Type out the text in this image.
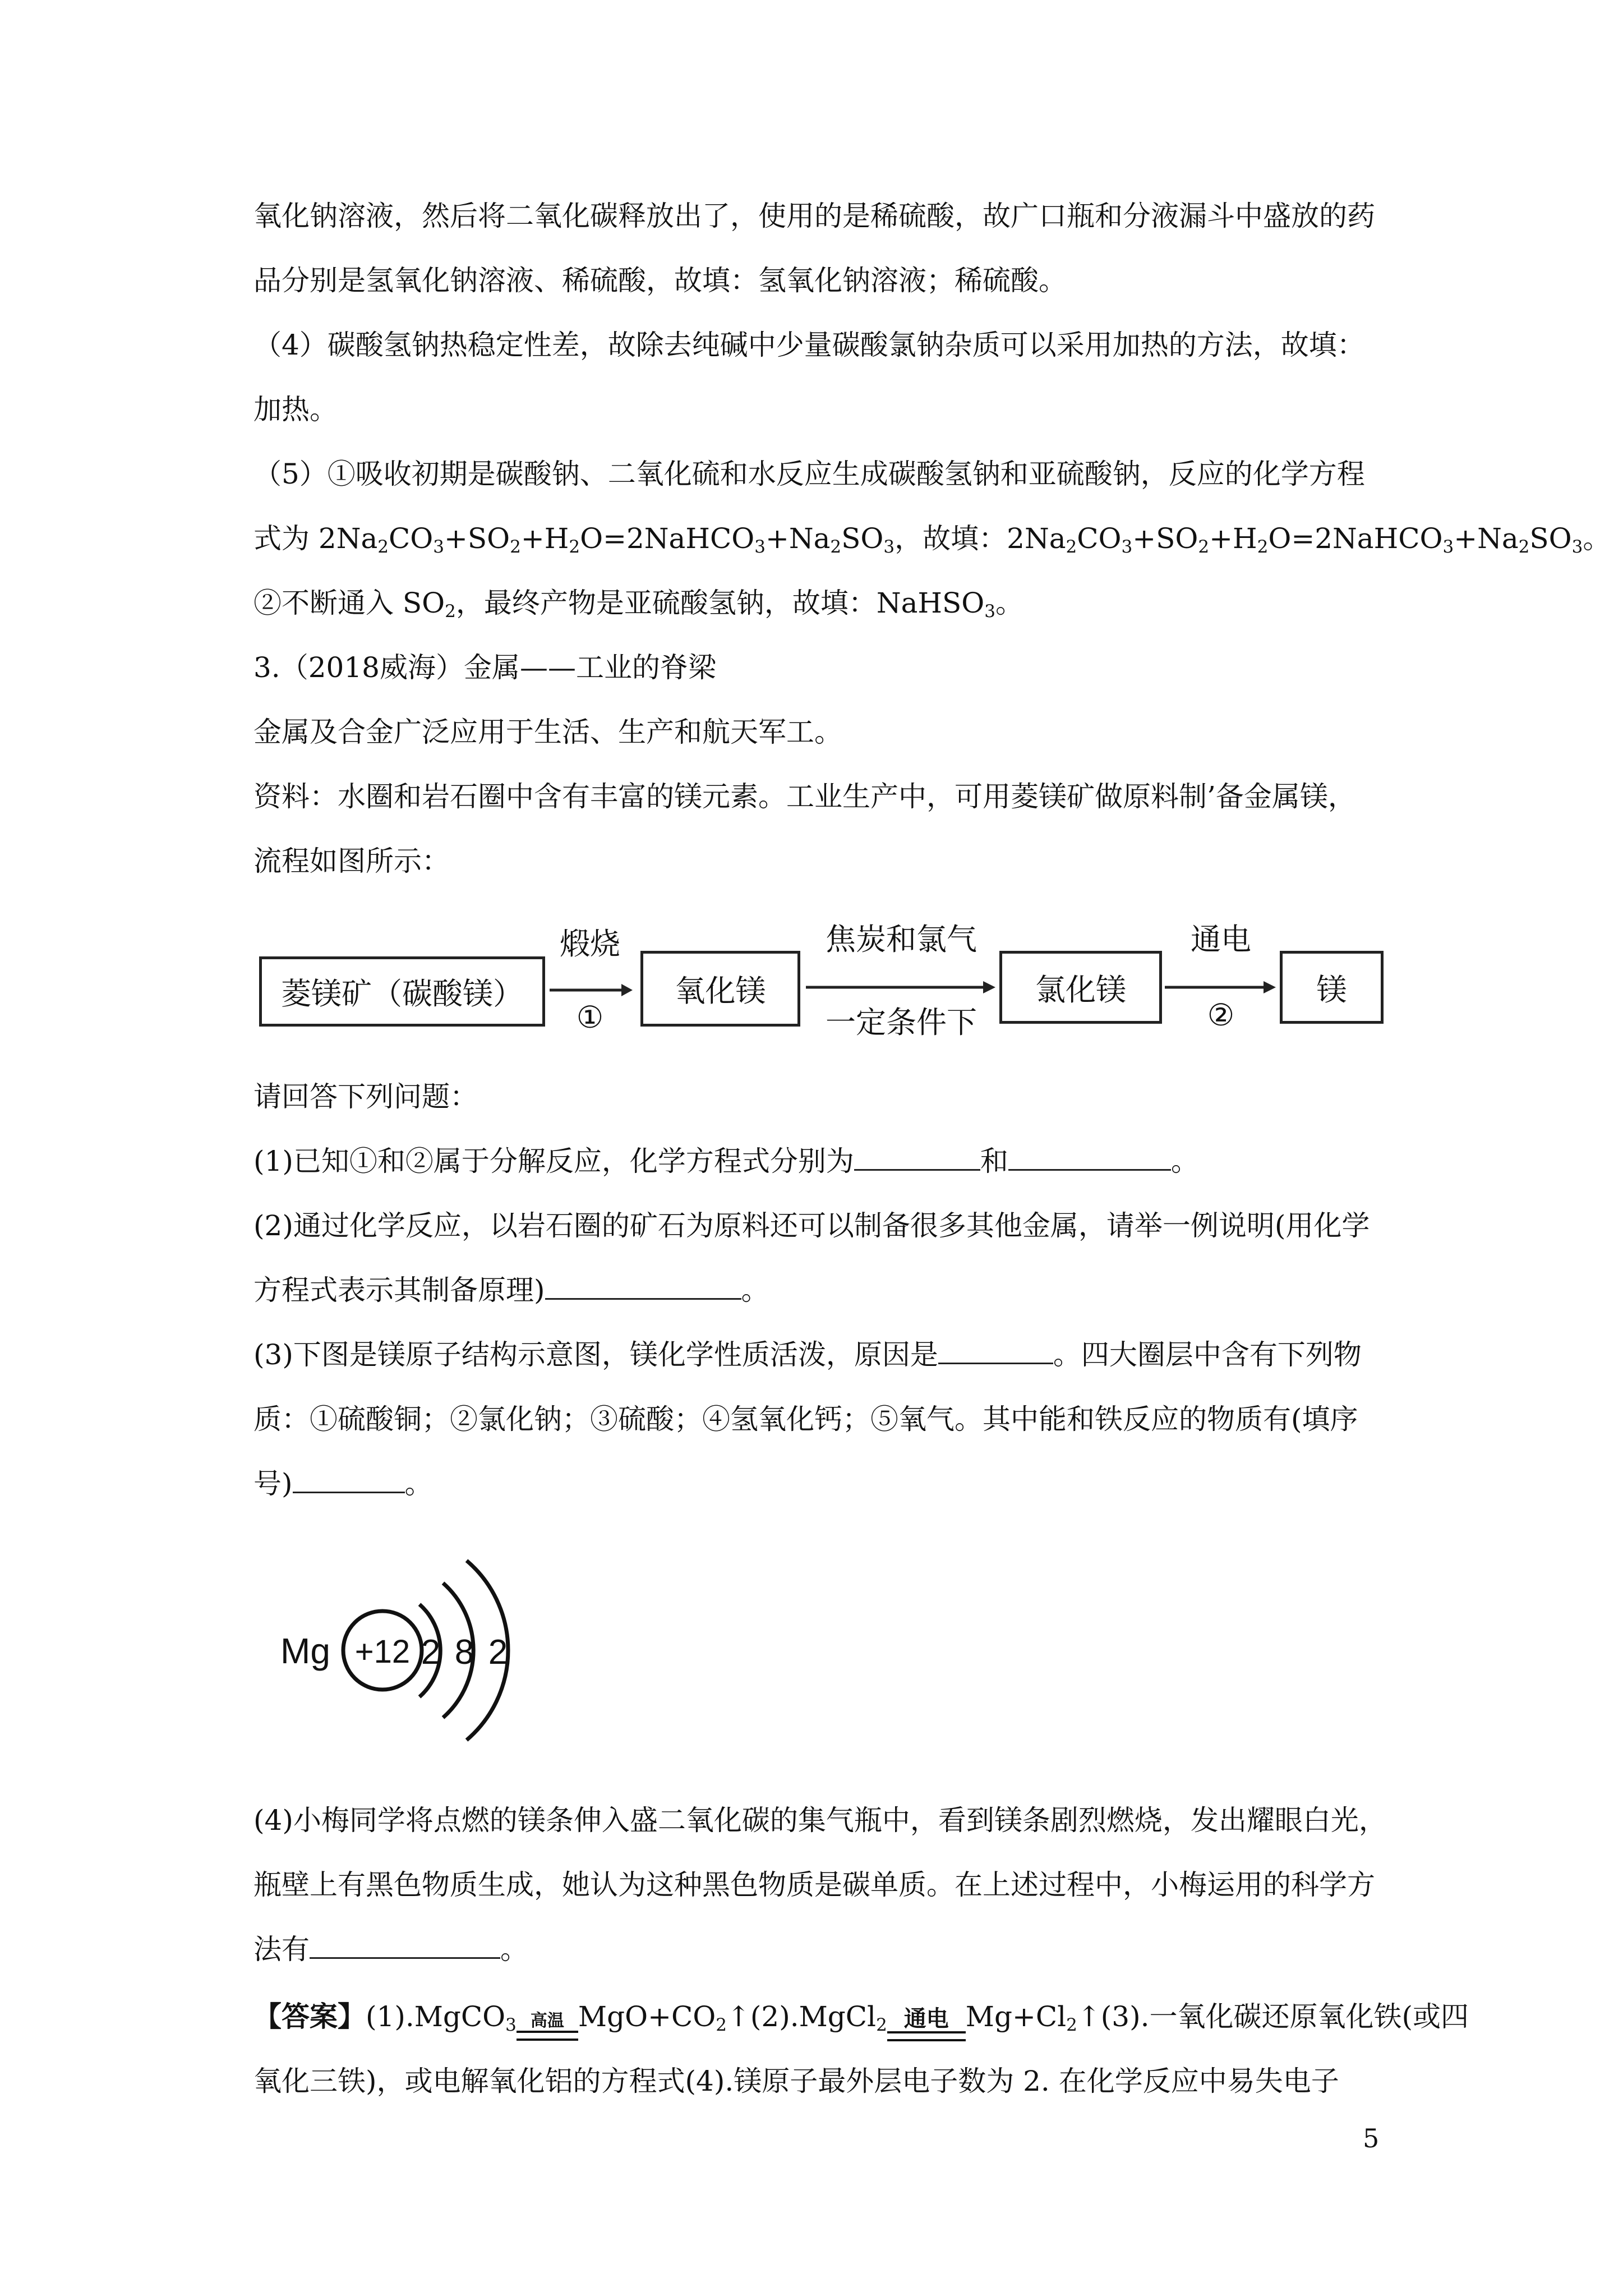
氧化钠溶液，然后将二氧化碳释放出了，使用的是稀硫酸，故广口瓶和分液漏斗中盛放的药
品分别是氢氧化钠溶液、稀硫酸，故填：氢氧化钠溶液；稀硫酸。
（4）碳酸氢钠热稳定性差，故除去纯碱中少量碳酸氯钠杂质可以采用加热的方法，故填：
加热。
（5）①吸收初期是碳酸钠、二氧化硫和水反应生成碳酸氢钠和亚硫酸钠，反应的化学方程
式为 $2Na_2CO_3+SO_2+H_2O=2NaHCO_3+Na_2SO_3$，故填：$2Na_2CO_3+SO_2+H_2O=2NaHCO_3+Na_2SO_3$。
②不断通入 $SO_2$，最终产物是亚硫酸氢钠，故填：NaHSO$_3$。
3.（2018威海）金属——工业的脊梁
金属及合金广泛应用于生活、生产和航天军工。
资料：水圈和岩石圈中含有丰富的镁元素。工业生产中，可用菱镁矿做原料制’备金属镁，
流程如图所示：
菱镁矿（碳酸镁）
煅烧
①
氧化镁
焦炭和氯气
一定条件下
氯化镁
通电
②
镁
请回答下列问题：
(1)已知①和②属于分解反应，化学方程式分别为	和	。
(2)通过化学反应，以岩石圈的矿石为原料还可以制备很多其他金属，请举一例说明(用化学
方程式表示其制备原理)	。
(3)下图是镁原子结构示意图，镁化学性质活泼，原因是	。四大圈层中含有下列物
质：①硫酸铜；②氯化钠；③硫酸；④氢氧化钙；⑤氧气。其中能和铁反应的物质有(填序
号)	。
Mg +12 2 8 2
(4)小梅同学将点燃的镁条伸入盛二氧化碳的集气瓶中，看到镁条剧烈燃烧，发出耀眼白光，
瓶壁上有黑色物质生成，她认为这种黑色物质是碳单质。在上述过程中，小梅运用的科学方
法有	。
【答案】(1).MgCO$_3$ 高温 $MgO+CO_2↑(2).MgCl_2$ 通电 $Mg+Cl_2↑(3)$.一氧化碳还原氧化铁(或四
氧化三铁)，或电解氧化铝的方程式(4).镁原子最外层电子数为 2. 在化学反应中易失电子
5
